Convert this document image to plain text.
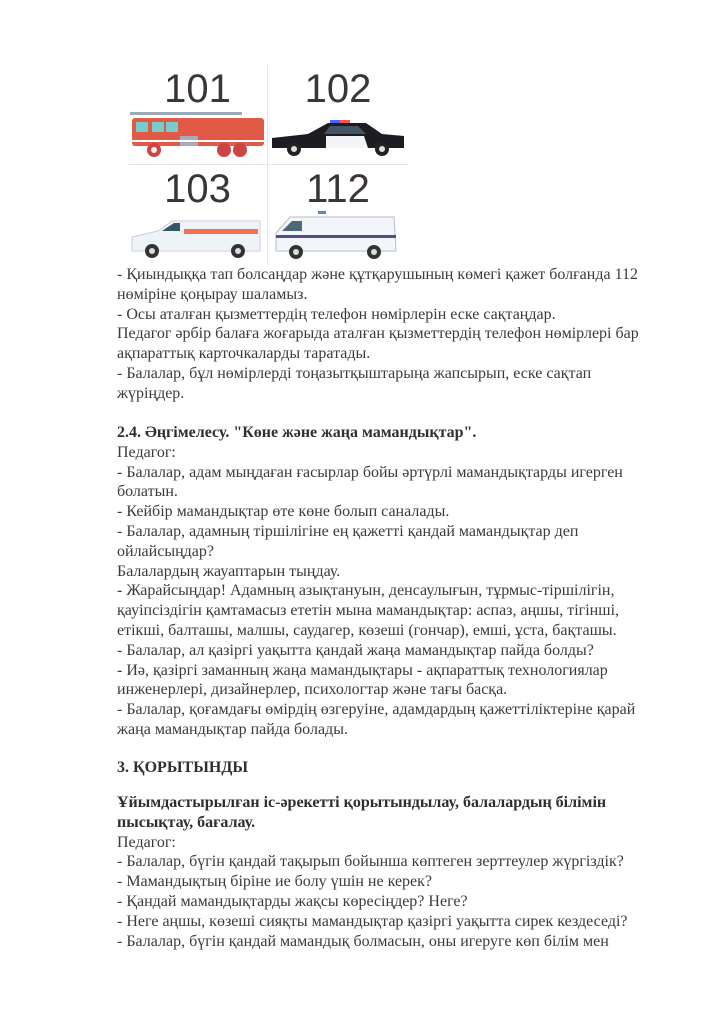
101	102
103	112
- Қиындыққа тап болсаңдар және құтқарушының көмегі қажет болғанда 112
нөміріне қоңырау шаламыз.
- Осы аталған қызметтердің телефон нөмірлерін еске сақтаңдар.
Педагог әрбір балаға жоғарыда аталған қызметтердің телефон нөмірлері бар
ақпараттық карточкаларды таратады.
- Балалар, бұл нөмірлерді тоңазытқыштарыңа жапсырып, еске сақтап
жүріңдер.
2.4. Әңгімелесу. "Көне және жаңа мамандықтар".
Педагог:
- Балалар, адам мыңдаған ғасырлар бойы әртүрлі мамандықтарды игерген
болатын.
- Кейбір мамандықтар өте көне болып саналады.
- Балалар, адамның тіршілігіне ең қажетті қандай мамандықтар деп
ойлайсыңдар?
Балалардың жауаптарын тыңдау.
- Жарайсыңдар! Адамның азықтануын, денсаулығын, тұрмыс-тіршілігін,
қауіпсіздігін қамтамасыз ететін мына мамандықтар: аспаз, аңшы, тігінші,
етікші, балташы, малшы, саудагер, көзеші (гончар), емші, ұста, бақташы.
- Балалар, ал қазіргі уақытта қандай жаңа мамандықтар пайда болды?
- Иә, қазіргі заманның жаңа мамандықтары - ақпараттық технологиялар
инженерлері, дизайнерлер, психологтар және тағы басқа.
- Балалар, қоғамдағы өмірдің өзгеруіне, адамдардың қажеттіліктеріне қарай
жаңа мамандықтар пайда болады.
3. ҚОРЫТЫНДЫ
Ұйымдастырылған іс-әрекетті қорытындылау, балалардың білімін
пысықтау, бағалау.
Педагог:
- Балалар, бүгін қандай тақырып бойынша көптеген зерттеулер жүргіздік?
- Мамандықтың біріне ие болу үшін не керек?
- Қандай мамандықтарды жақсы көресіңдер? Неге?
- Неге аңшы, көзеші сияқты мамандықтар қазіргі уақытта сирек кездеседі?
- Балалар, бүгін қандай мамандық болмасын, оны игеруге көп білім мен
